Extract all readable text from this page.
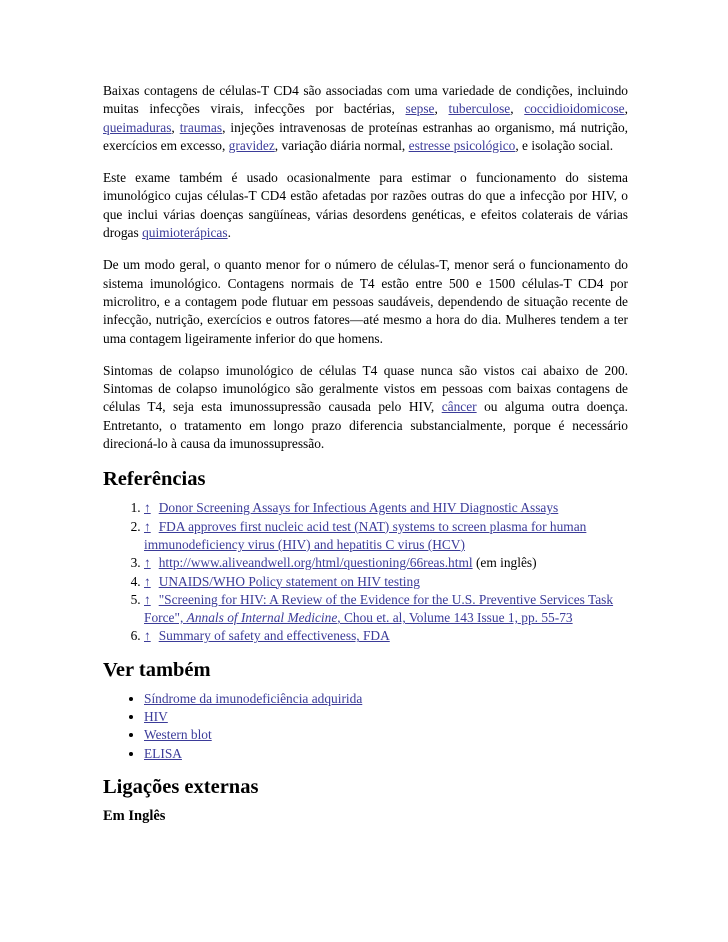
Baixas contagens de células-T CD4 são associadas com uma variedade de condições, incluindo muitas infecções virais, infecções por bactérias, sepse, tuberculose, coccidioidomicose, queimaduras, traumas, injeções intravenosas de proteínas estranhas ao organismo, má nutrição, exercícios em excesso, gravidez, variação diária normal, estresse psicológico, e isolação social.

Este exame também é usado ocasionalmente para estimar o funcionamento do sistema imunológico cujas células-T CD4 estão afetadas por razões outras do que a infecção por HIV, o que inclui várias doenças sangüíneas, várias desordens genéticas, e efeitos colaterais de várias drogas quimioterápicas.

De um modo geral, o quanto menor for o número de células-T, menor será o funcionamento do sistema imunológico. Contagens normais de T4 estão entre 500 e 1500 células-T CD4 por microlitro, e a contagem pode flutuar em pessoas saudáveis, dependendo de situação recente de infecção, nutrição, exercícios e outros fatores—até mesmo a hora do dia. Mulheres tendem a ter uma contagem ligeiramente inferior do que homens.

Sintomas de colapso imunológico de células T4 quase nunca são vistos cai abaixo de 200. Sintomas de colapso imunológico são geralmente vistos em pessoas com baixas contagens de células T4, seja esta imunossupressão causada pelo HIV, câncer ou alguma outra doença. Entretanto, o tratamento em longo prazo diferencia substancialmente, porque é necessário direcioná-lo à causa da imunossupressão.

Referências
1. ↑ Donor Screening Assays for Infectious Agents and HIV Diagnostic Assays
2. ↑ FDA approves first nucleic acid test (NAT) systems to screen plasma for human immunodeficiency virus (HIV) and hepatitis C virus (HCV)
3. ↑ http://www.aliveandwell.org/html/questioning/66reas.html (em inglês)
4. ↑ UNAIDS/WHO Policy statement on HIV testing
5. ↑ "Screening for HIV: A Review of the Evidence for the U.S. Preventive Services Task Force", Annals of Internal Medicine, Chou et. al, Volume 143 Issue 1, pp. 55-73
6. ↑ Summary of safety and effectiveness, FDA
Ver também
• Síndrome da imunodeficiência adquirida
• HIV
• Western blot
• ELISA
Ligações externas
Em Inglês
